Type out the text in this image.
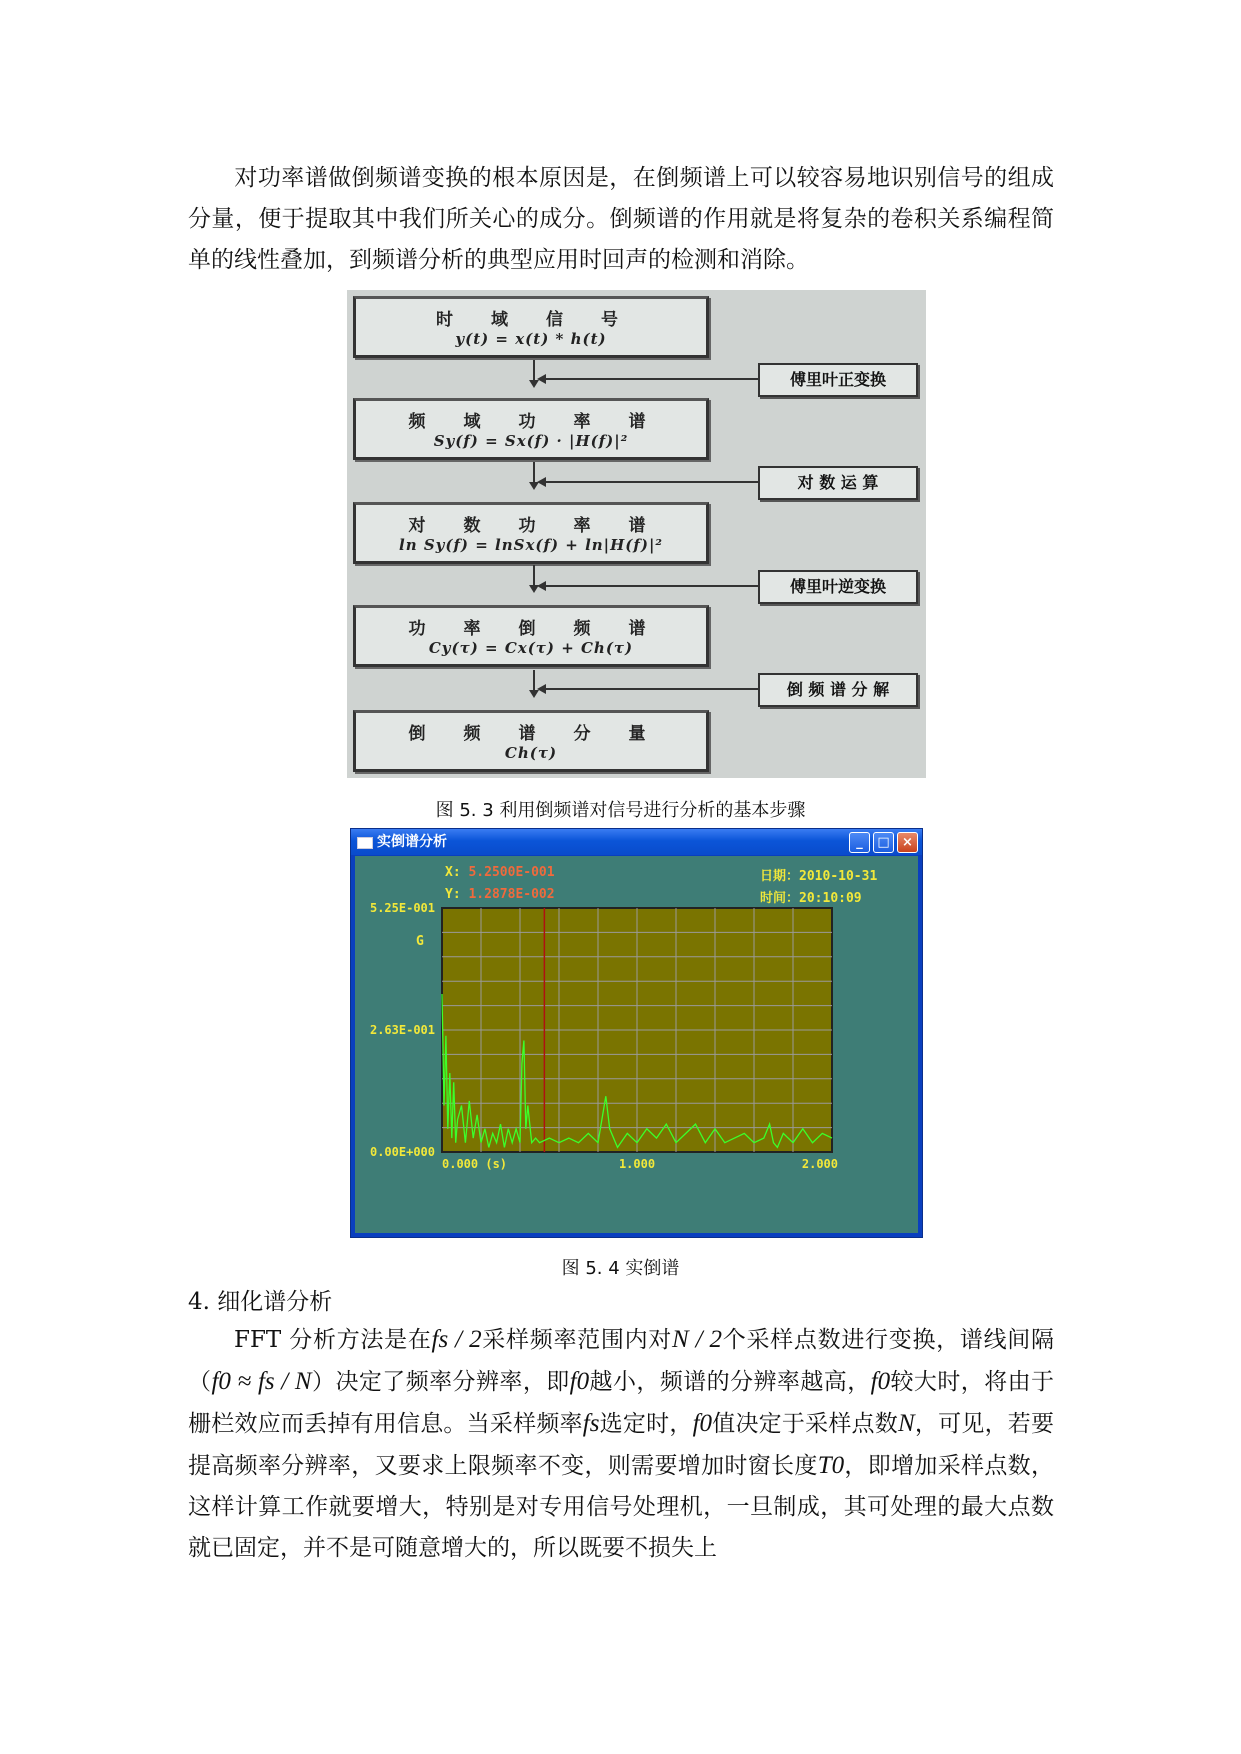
对功率谱做倒频谱变换的根本原因是，在倒频谱上可以较容易地识别信号的组成分量，便于提取其中我们所关心的成分。倒频谱的作用就是将复杂的卷积关系编程简单的线性叠加，到频谱分析的典型应用时回声的检测和消除。

时域信号
y(t) = x(t) * h(t)
傅里叶正变换
频域功率谱
Sy(f) = Sx(f) · |H(f)|²
对 数 运 算
对数功率谱
ln Sy(f) = lnSx(f) + ln|H(f)|²
傅里叶逆变换
功率倒频谱
Cy(τ) = Cx(τ) + Ch(τ)
倒 频 谱 分 解
倒频谱分量
Ch(τ)
图 5. 3 利用倒频谱对信号进行分析的基本步骤
实倒谱分析	_	□ ×
X: 5.2500E-001
Y: 1.2878E-002
日期：2010-10-31
时间：20:10:09
G
5.25E-001
2.63E-001
0.00E+000
0.000 (s)	1.000	2.000
图 5. 4 实倒谱

4. 细化谱分析

FFT 分析方法是在fs / 2采样频率范围内对N / 2个采样点数进行变换，谱线间隔（f0 ≈ fs / N）决定了频率分辨率，即f0越小，频谱的分辨率越高，f0较大时，将由于栅栏效应而丢掉有用信息。当采样频率fs选定时，f0值决定于采样点数N，可见，若要提高频率分辨率，又要求上限频率不变，则需要增加时窗长度T0，即增加采样点数，这样计算工作就要增大，特别是对专用信号处理机，一旦制成，其可处理的最大点数就已固定，并不是可随意增大的，所以既要不损失上
